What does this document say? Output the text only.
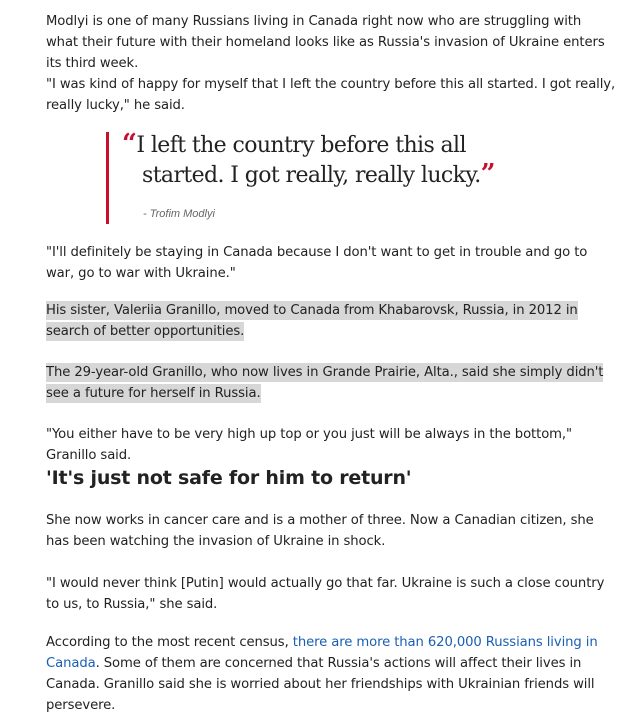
Modlyi is one of many Russians living in Canada right now who are struggling with what their future with their homeland looks like as Russia's invasion of Ukraine enters its third week.

"I was kind of happy for myself that I left the country before this all started. I got really, really lucky," he said.

“I left the country before this all
started. I got really, really lucky.”
- Trofim Modlyi

"I'll definitely be staying in Canada because I don't want to get in trouble and go to war, go to war with Ukraine."

His sister, Valeriia Granillo, moved to Canada from Khabarovsk, Russia, in 2012 in search of better opportunities.

The 29-year-old Granillo, who now lives in Grande Prairie, Alta., said she simply didn't see a future for herself in Russia.

"You either have to be very high up top or you just will be always in the bottom," Granillo said.

'It's just not safe for him to return'

She now works in cancer care and is a mother of three. Now a Canadian citizen, she has been watching the invasion of Ukraine in shock.

"I would never think [Putin] would actually go that far. Ukraine is such a close country to us, to Russia," she said.

According to the most recent census, there are more than 620,000 Russians living in Canada. Some of them are concerned that Russia's actions will affect their lives in Canada. Granillo said she is worried about her friendships with Ukrainian friends will persevere.
